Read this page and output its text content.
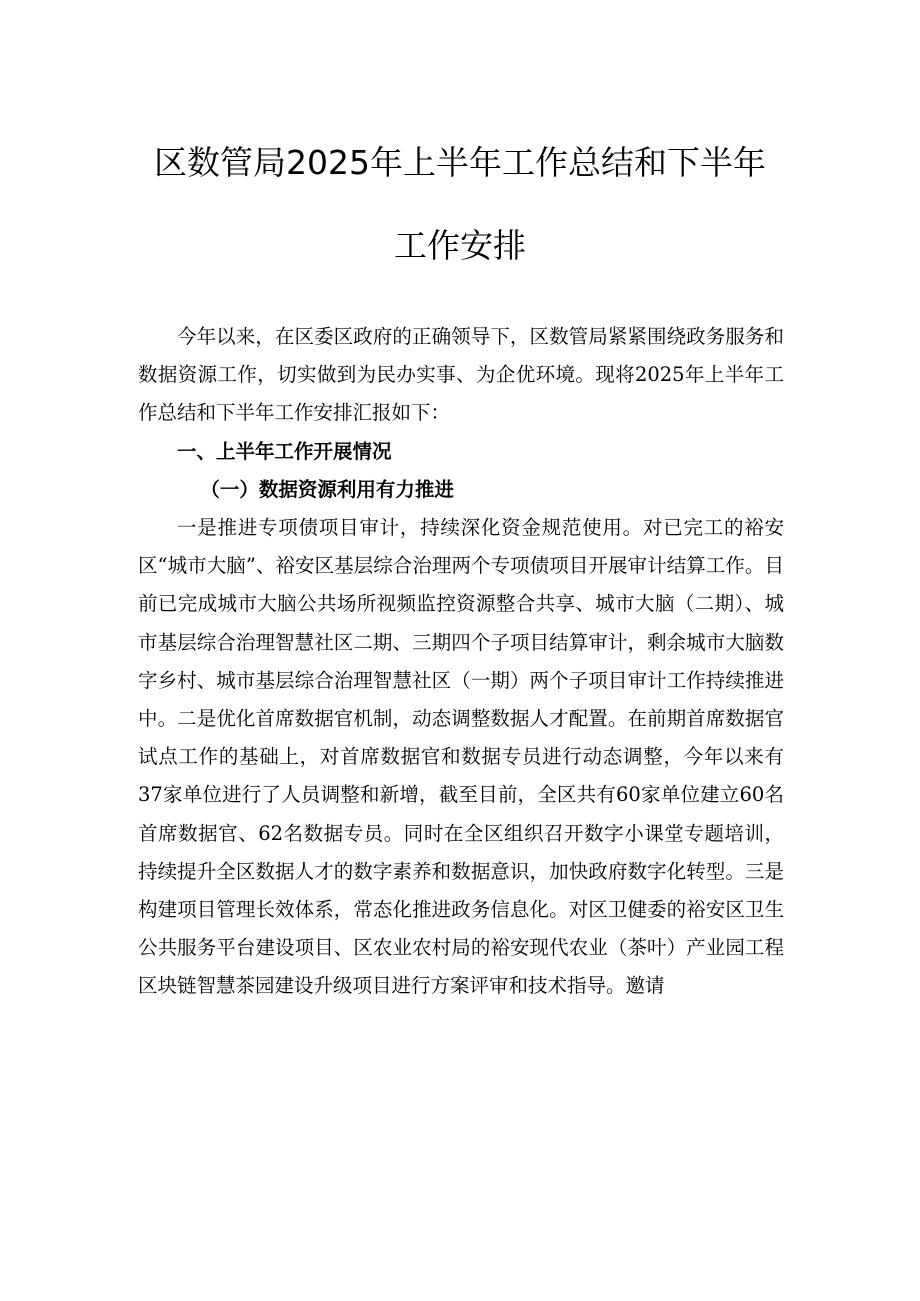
区数管局2025年上半年工作总结和下半年
工作安排

今年以来，在区委区政府的正确领导下，区数管局紧紧围绕政务服务和数据资源工作，切实做到为民办实事、为企优环境。现将2025年上半年工作总结和下半年工作安排汇报如下：

一、上半年工作开展情况

（一）数据资源利用有力推进

一是推进专项债项目审计，持续深化资金规范使用。对已完工的裕安区“城市大脑”、裕安区基层综合治理两个专项债项目开展审计结算工作。目前已完成城市大脑公共场所视频监控资源整合共享、城市大脑（二期）、城市基层综合治理智慧社区二期、三期四个子项目结算审计，剩余城市大脑数字乡村、城市基层综合治理智慧社区（一期）两个子项目审计工作持续推进中。二是优化首席数据官机制，动态调整数据人才配置。在前期首席数据官试点工作的基础上，对首席数据官和数据专员进行动态调整，今年以来有37家单位进行了人员调整和新增，截至目前，全区共有60家单位建立60名首席数据官、62名数据专员。同时在全区组织召开数字小课堂专题培训，持续提升全区数据人才的数字素养和数据意识，加快政府数字化转型。三是构建项目管理长效体系，常态化推进政务信息化。对区卫健委的裕安区卫生公共服务平台建设项目、区农业农村局的裕安现代农业（茶叶）产业园工程区块链智慧茶园建设升级项目进行方案评审和技术指导。邀请
